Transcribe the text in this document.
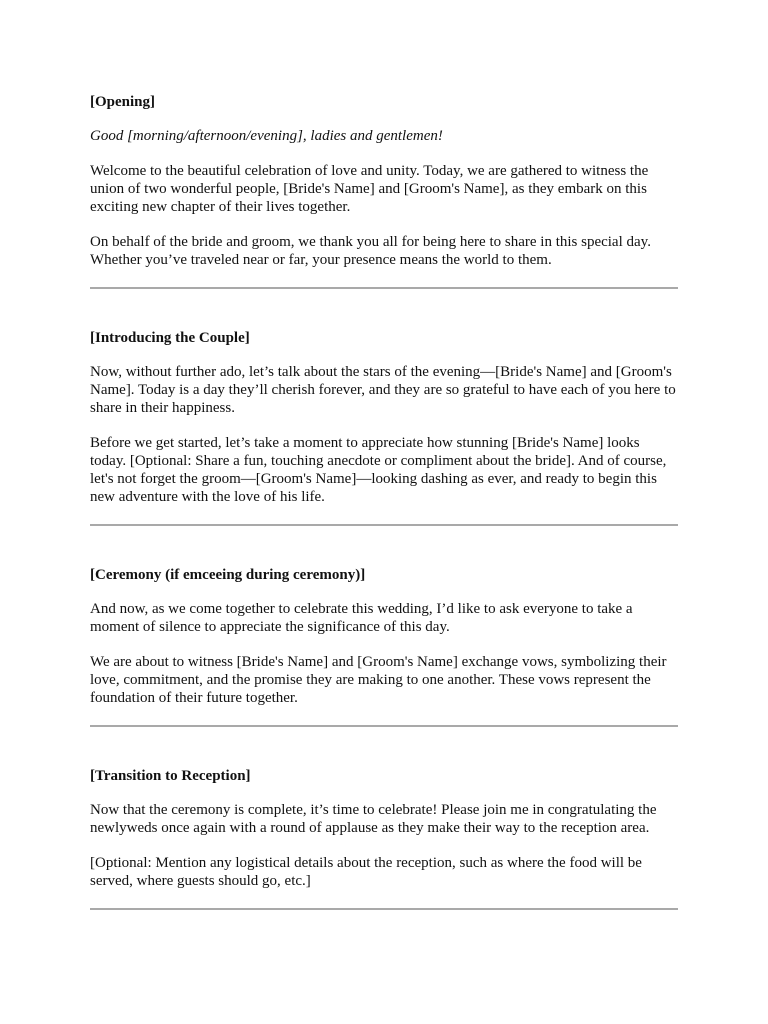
[Opening]

Good [morning/afternoon/evening], ladies and gentlemen!

Welcome to the beautiful celebration of love and unity. Today, we are gathered to witness the union of two wonderful people, [Bride's Name] and [Groom's Name], as they embark on this exciting new chapter of their lives together.

On behalf of the bride and groom, we thank you all for being here to share in this special day. Whether you’ve traveled near or far, your presence means the world to them.

[Introducing the Couple]

Now, without further ado, let’s talk about the stars of the evening—[Bride's Name] and [Groom's Name]. Today is a day they’ll cherish forever, and they are so grateful to have each of you here to share in their happiness.

Before we get started, let’s take a moment to appreciate how stunning [Bride's Name] looks today. [Optional: Share a fun, touching anecdote or compliment about the bride]. And of course, let's not forget the groom—[Groom's Name]—looking dashing as ever, and ready to begin this new adventure with the love of his life.

[Ceremony (if emceeing during ceremony)]

And now, as we come together to celebrate this wedding, I’d like to ask everyone to take a moment of silence to appreciate the significance of this day.

We are about to witness [Bride's Name] and [Groom's Name] exchange vows, symbolizing their love, commitment, and the promise they are making to one another. These vows represent the foundation of their future together.

[Transition to Reception]

Now that the ceremony is complete, it’s time to celebrate! Please join me in congratulating the newlyweds once again with a round of applause as they make their way to the reception area.

[Optional: Mention any logistical details about the reception, such as where the food will be served, where guests should go, etc.]
